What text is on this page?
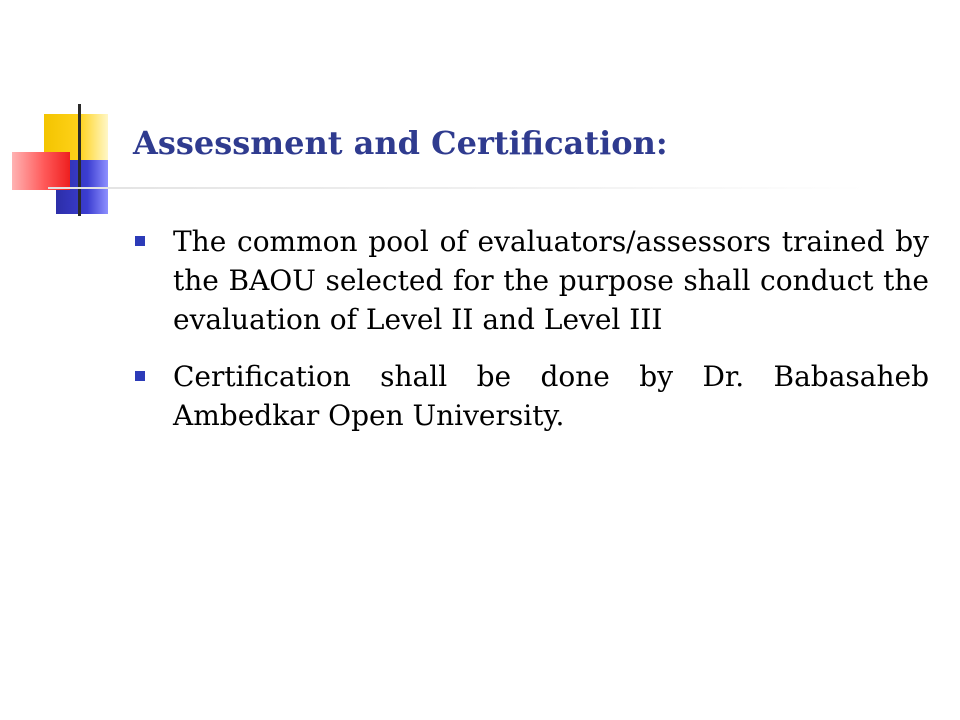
Assessment and Certification:
The common pool of evaluators/assessors trained by the BAOU selected for the purpose shall conduct the evaluation of Level II and Level III
Certification shall be done by Dr. Babasaheb Ambedkar Open University.
